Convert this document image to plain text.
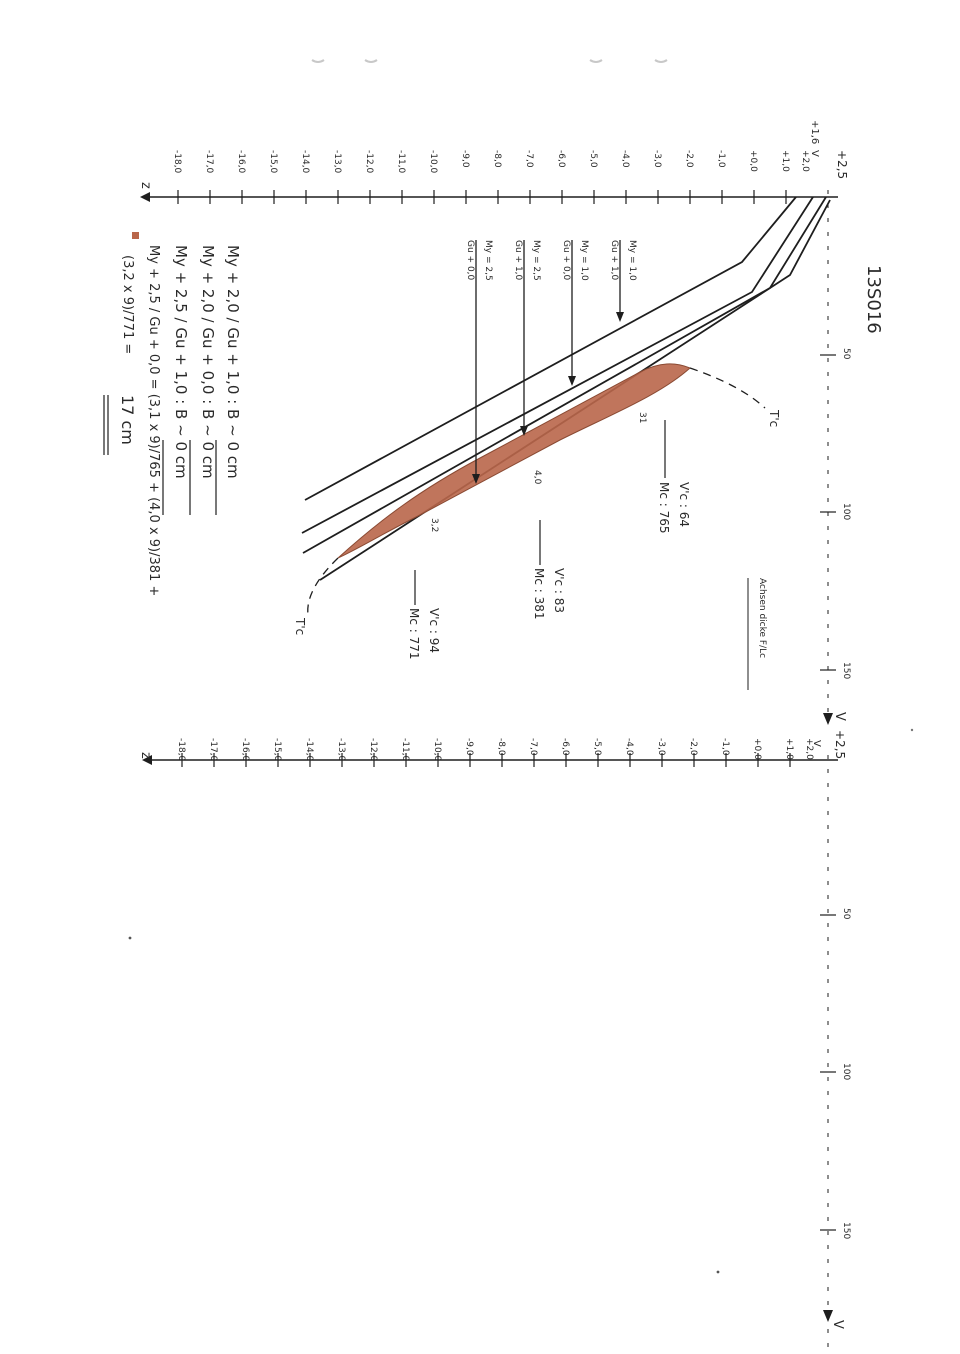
13S016
+2,5
+1,6
V
z
V
+1,0 +2,0
+0,0
-1,0
-2,0
-3,0
-4,0
-5,0
-6,0
-7,0
-8,0
-9,0
-10,0
-11,0
-12,0
-13,0
-14,0
-15,0
-16,0
-17,0
-18,0
50
100
150
T'c
T'c
My = 1,0
Gu + 1,0
My = 1,0
Gu + 0,0
My = 2,5
Gu + 1,0
My = 2,5
Gu + 0,0
31
4,0
3,2	V'c : 64
Mc : 765
V'c : 83
Mc : 381
V'c : 94
Mc : 771	Achsen dicke F/Lc
+2,5
V
z
V
+2,0
+1,0
+0,0
-1,0
-2,0
-3,0
-4,0
-5,0
-6,0
-7,0
-8,0
-9,0
-10,0
-11,0
-12,0
-13,0
-14,0
-15,0
-16,0
-17,0
-18,0
50
100
150
My + 2,0 / Gu + 1,0 : B ~ 0 cm
My + 2,0 / Gu + 0,0 : B ~ 0 cm
My + 2,5 / Gu + 1,0 : B ~ 0 cm
My + 2,5 / Gu + 0,0 = (3,1 x 9)/765 + (4,0 x 9)/381 +
(3,2 x 9)/771 =
17 cm
